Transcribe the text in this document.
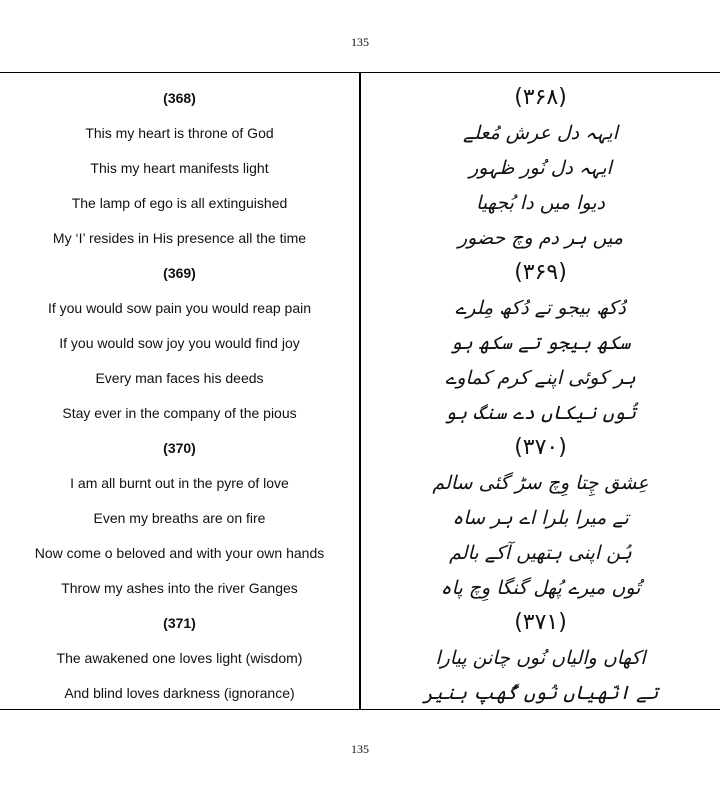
135
(368)
This my heart is throne of God
This my heart manifests light
The lamp of ego is all extinguished
My ‘I’ resides in His presence all the time
(369)
If you would sow pain you would reap pain
If you would sow joy you would find joy
Every man faces his deeds
Stay ever in the company of the pious
(370)
I am all burnt out in the pyre of love
Even my breaths are on fire
Now come o beloved and with your own hands
Throw my ashes into the river Ganges
(371)
The awakened one loves light (wisdom)
And blind loves darkness (ignorance)
(۳۶۸)
ایہہ دل عرش مُعلے
ایہہ دل نُور ظہور
دیوا میں دا بُجھیا
میں ہر دم وچ حضور
(۳۶۹)
دُکھ بیجو تے دُکھ مِلرے
سکھ بیجو تے سکھ ہو
ہر کوئی اپنے کرم کماوے
تُوں نیکاں دے سنگ ہو
(۳۷۰)
عِشق چِتا وِچ سڑ گئی سالم
تے میرا بلرا اے ہر ساہ
ہُن اپنی ہتھیں آکے بالم
تُوں میرے پُھل گنگا وِچ پاہ
(۳۷۱)
اکھاں والیاں نُوں چانن پیارا
تے انّھیاں نُوں گُھپ ہنیر
135
